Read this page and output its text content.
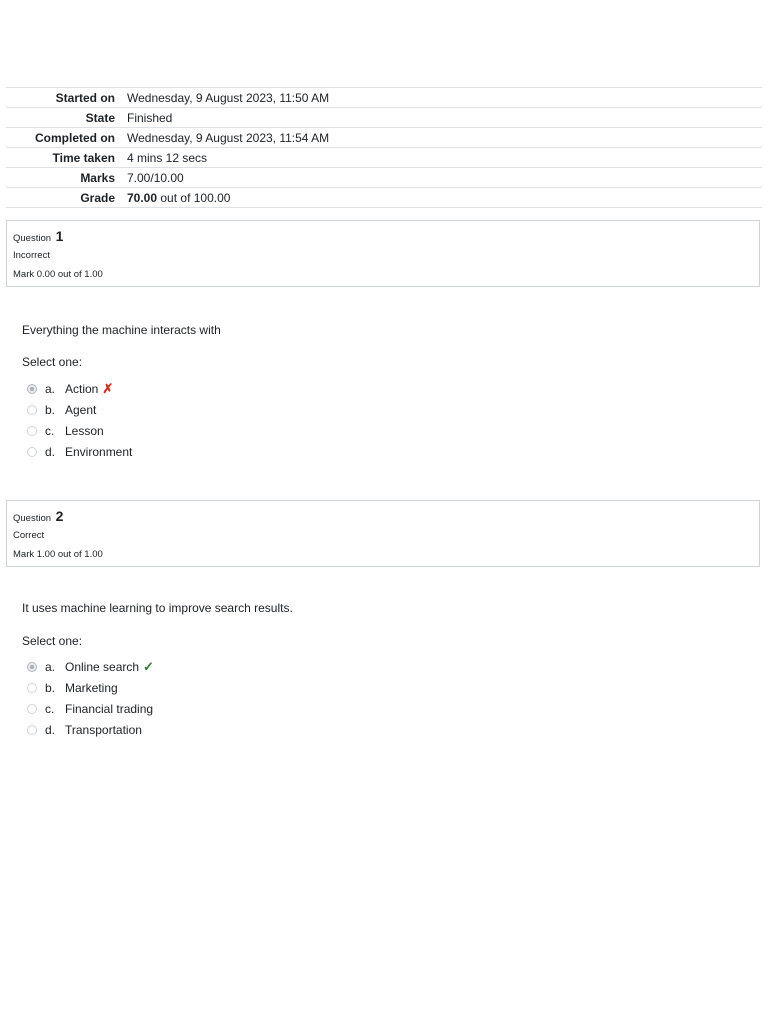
Started on	Wednesday, 9 August 2023, 11:50 AM
State	Finished
Completed on	Wednesday, 9 August 2023, 11:54 AM
Time taken	4 mins 12 secs
Marks	7.00/10.00
Grade	70.00 out of 100.00
Question 1
Incorrect
Mark 0.00 out of 1.00
Everything the machine interacts with
Select one:
a. Action ✗
b. Agent
c. Lesson
d. Environment
Question 2
Correct
Mark 1.00 out of 1.00
It uses machine learning to improve search results.
Select one:
a. Online search ✓
b. Marketing
c. Financial trading
d. Transportation
